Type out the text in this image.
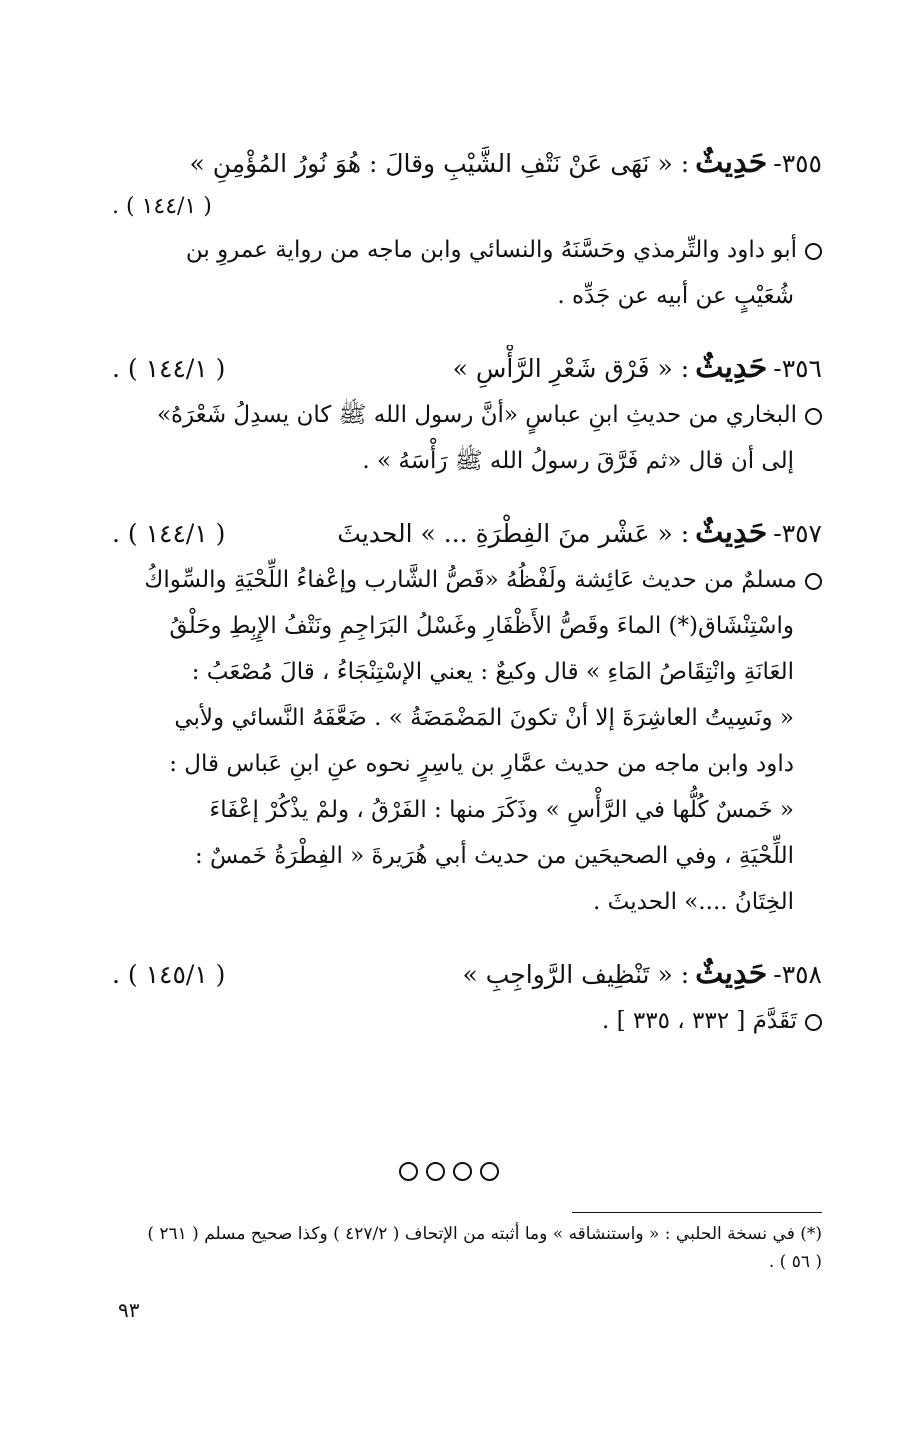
٣٥٥-
حَدِيثٌ
: « نَهَى عَنْ نَتْفِ الشَّيْبِ وقالَ : هُوَ نُورُ المُؤْمِنِ »
( ١٤٤/١ ) .
أبو داود والتِّرمذي وحَسَّنَهُ والنسائي وابن ماجه من رواية عمروِ بن
شُعَيْبٍ عن أبيه عن جَدِّه .
٣٥٦-
حَدِيثٌ
: « فَرْق شَعْرِ الرَّأْسِ »
( ١٤٤/١ ) .
البخاري من حديثِ ابنِ عباسٍ «أنَّ رسول الله ﷺ كان يسدِلُ شَعْرَهُ»
إلى أن قال «ثم فَرَّقَ رسولُ الله ﷺ رَأْسَهُ » .
٣٥٧-
حَدِيثٌ
: « عَشْر منَ الفِطْرَةِ ... » الحديثَ
( ١٤٤/١ ) .
مسلمٌ من حديث عَائِشة ولَفْظُهُ «قَصُّ الشَّارب وإعْفاءُ اللِّحْيَةِ والسِّواكُ
واسْتِنْشَاق(*) الماءَ وقَصُّ الأَظْفَارِ وغَسْلُ البَرَاجِمِ ونَتْفُ الإِبِطِ وحَلْقُ
العَانَةِ وانْتِقَاصُ المَاءِ » قال وكيعٌ : يعني الإسْتِنْجَاءُ ، قالَ مُصْعَبُ :
« ونَسِيتُ العاشِرَةَ إلا أنْ تكونَ المَضْمَضَةُ » . ضَعَّفَهُ النَّسائي ولأبي
داود وابن ماجه من حديث عمَّارِ بن ياسِرٍ نحوه عنِ ابنِ عَباس قال :
« خَمسٌ كُلُّها في الرَّأْسِ » وذَكَرَ منها : الفَرْقُ ، ولمْ يذْكُرْ إعْفَاءَ
اللِّحْيَةِ ، وفي الصحيحَين من حديث أبي هُرَيرةَ « الفِطْرَةُ خَمسٌ :
الخِتَانُ ....» الحديثَ .
٣٥٨-
حَدِيثٌ
: « تَنْظِيف الرَّواجِبِ »
( ١٤٥/١ ) .
تَقَدَّمَ [ ٣٣٢ ، ٣٣٥ ] .
(*) في نسخة الحلبي : « واستنشاقه » وما أثبته من الإتحاف ( ٤٢٧/٢ ) وكذا صحيح مسلم ( ٢٦١ )
( ٥٦ ) .
٩٣
